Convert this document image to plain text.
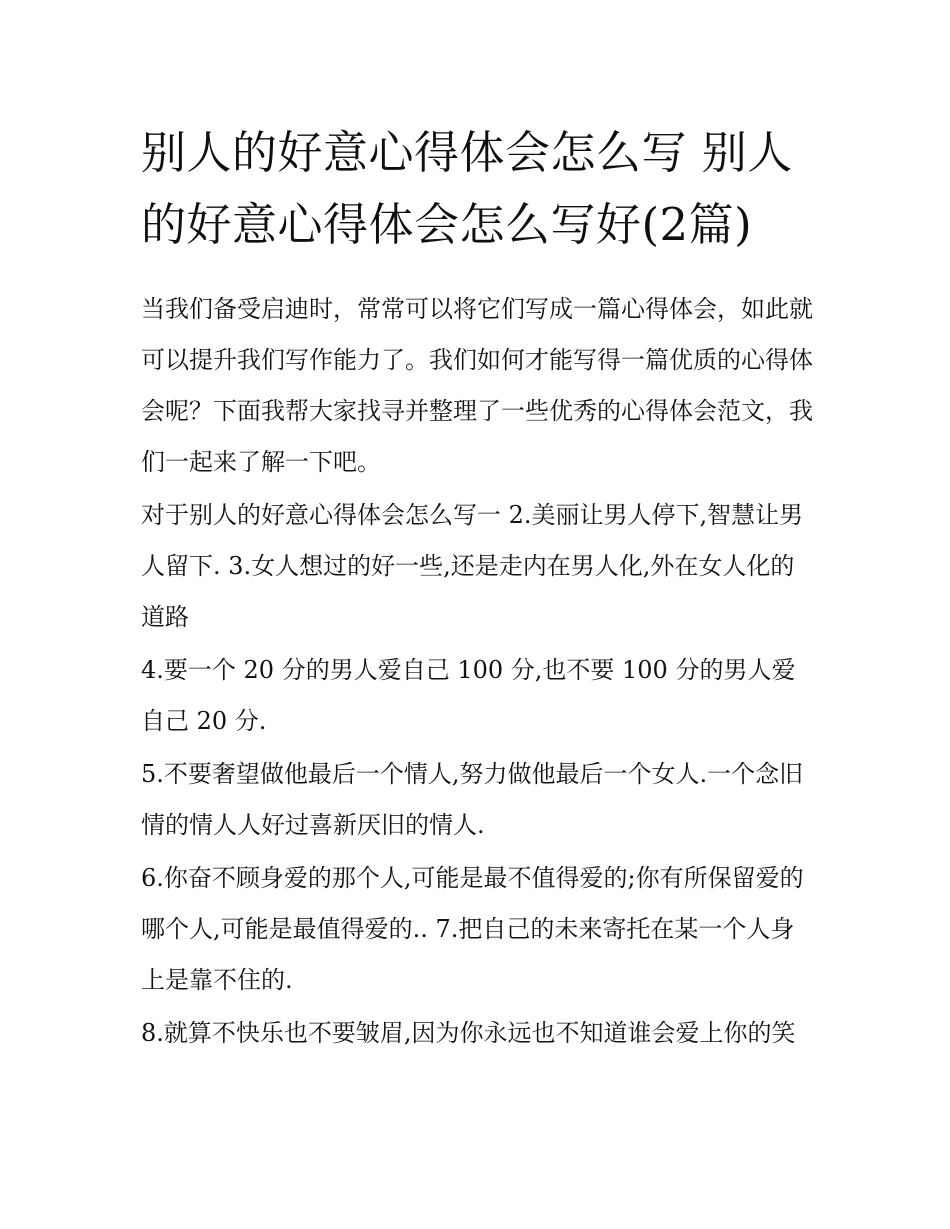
别人的好意心得体会怎么写 别人的好意心得体会怎么写好(2篇)

当我们备受启迪时，常常可以将它们写成一篇心得体会，如此就可以提升我们写作能力了。我们如何才能写得一篇优质的心得体会呢？下面我帮大家找寻并整理了一些优秀的心得体会范文，我们一起来了解一下吧。

对于别人的好意心得体会怎么写一 2.美丽让男人停下,智慧让男人留下. 3.女人想过的好一些,还是走内在男人化,外在女人化的道路

4.要一个 20 分的男人爱自己 100 分,也不要 100 分的男人爱自己 20 分.

5.不要奢望做他最后一个情人,努力做他最后一个女人.一个念旧情的情人人好过喜新厌旧的情人.

6.你奋不顾身爱的那个人,可能是最不值得爱的;你有所保留爱的哪个人,可能是最值得爱的.. 7.把自己的未来寄托在某一个人身上是靠不住的.

8.就算不快乐也不要皱眉,因为你永远也不知道谁会爱上你的笑
